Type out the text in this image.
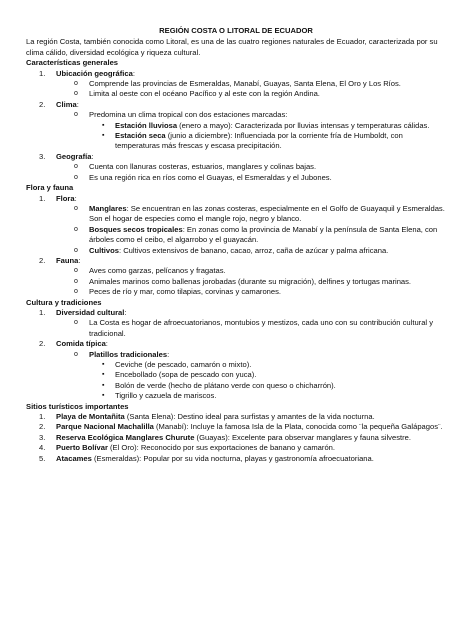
REGIÓN COSTA O LITORAL DE ECUADOR

La región Costa, también conocida como Litoral, es una de las cuatro regiones naturales de Ecuador, caracterizada por su clima cálido, diversidad ecológica y riqueza cultural.

Características generales
1. Ubicación geográfica:
o Comprende las provincias de Esmeraldas, Manabí, Guayas, Santa Elena, El Oro y Los Ríos.
o Limita al oeste con el océano Pacífico y al este con la región Andina.
2. Clima:
o Predomina un clima tropical con dos estaciones marcadas:
▪ Estación lluviosa (enero a mayo): Caracterizada por lluvias intensas y temperaturas cálidas.
▪ Estación seca (junio a diciembre): Influenciada por la corriente fría de Humboldt, con temperaturas más frescas y escasa precipitación.
3. Geografía:
o Cuenta con llanuras costeras, estuarios, manglares y colinas bajas.
o Es una región rica en ríos como el Guayas, el Esmeraldas y el Jubones.
Flora y fauna
1. Flora:
o Manglares: Se encuentran en las zonas costeras, especialmente en el Golfo de Guayaquil y Esmeraldas. Son el hogar de especies como el mangle rojo, negro y blanco.
o Bosques secos tropicales: En zonas como la provincia de Manabí y la península de Santa Elena, con árboles como el ceibo, el algarrobo y el guayacán.
o Cultivos: Cultivos extensivos de banano, cacao, arroz, caña de azúcar y palma africana.
2. Fauna:
o Aves como garzas, pelícanos y fragatas.
o Animales marinos como ballenas jorobadas (durante su migración), delfines y tortugas marinas.
o Peces de río y mar, como tilapias, corvinas y camarones.
Cultura y tradiciones
1. Diversidad cultural:
o La Costa es hogar de afroecuatorianos, montubios y mestizos, cada uno con su contribución cultural y tradicional.
2. Comida típica:
o Platillos tradicionales:
▪ Ceviche (de pescado, camarón o mixto).
▪ Encebollado (sopa de pescado con yuca).
▪ Bolón de verde (hecho de plátano verde con queso o chicharrón).
▪ Tigrillo y cazuela de mariscos.
Sitios turísticos importantes
1. Playa de Montañita (Santa Elena): Destino ideal para surfistas y amantes de la vida nocturna.
2. Parque Nacional Machalilla (Manabí): Incluye la famosa Isla de la Plata, conocida como ¨la pequeña Galápagos¨.
3. Reserva Ecológica Manglares Churute (Guayas): Excelente para observar manglares y fauna silvestre.
4. Puerto Bolívar (El Oro): Reconocido por sus exportaciones de banano y camarón.
5. Atacames (Esmeraldas): Popular por su vida nocturna, playas y gastronomía afroecuatoriana.
